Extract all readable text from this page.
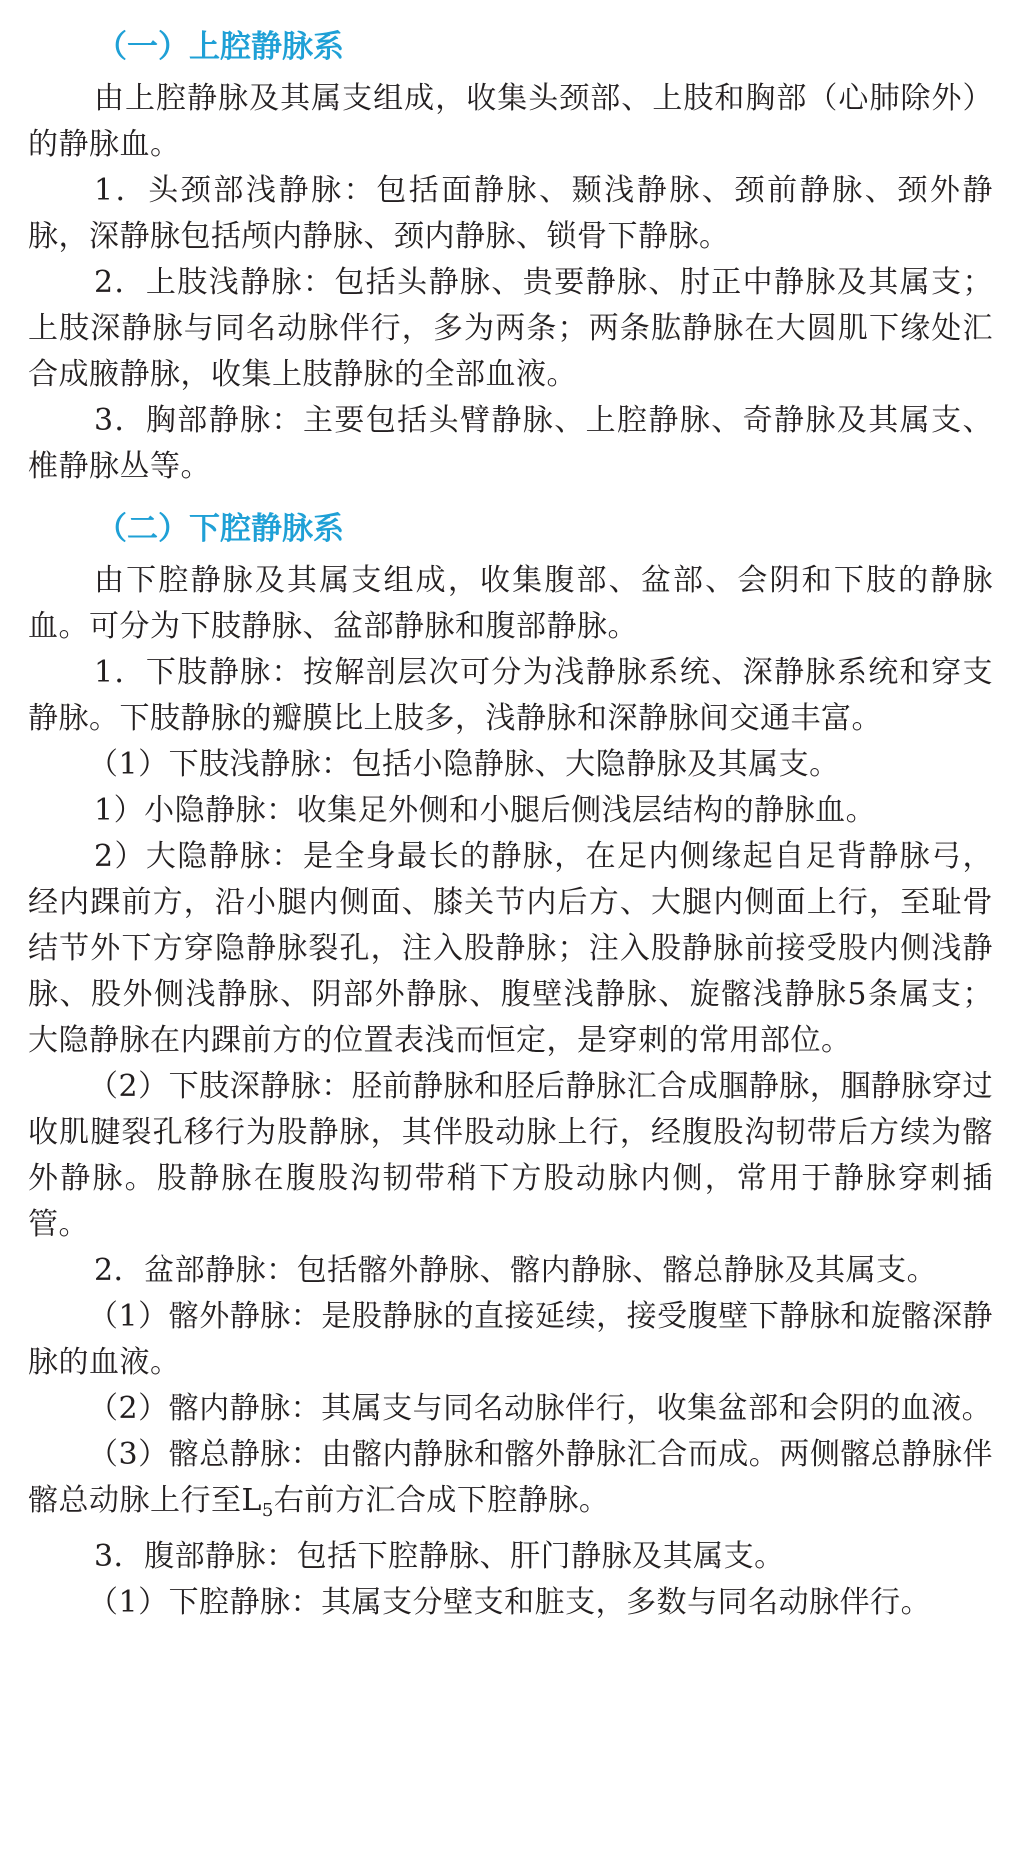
（一）上腔静脉系

由上腔静脉及其属支组成，收集头颈部、上肢和胸部（心肺除外）的静脉血。

1．头颈部浅静脉：包括面静脉、颞浅静脉、颈前静脉、颈外静脉，深静脉包括颅内静脉、颈内静脉、锁骨下静脉。

2．上肢浅静脉：包括头静脉、贵要静脉、肘正中静脉及其属支；上肢深静脉与同名动脉伴行，多为两条；两条肱静脉在大圆肌下缘处汇合成腋静脉，收集上肢静脉的全部血液。

3．胸部静脉：主要包括头臂静脉、上腔静脉、奇静脉及其属支、椎静脉丛等。

（二）下腔静脉系

由下腔静脉及其属支组成，收集腹部、盆部、会阴和下肢的静脉血。可分为下肢静脉、盆部静脉和腹部静脉。

1．下肢静脉：按解剖层次可分为浅静脉系统、深静脉系统和穿支静脉。下肢静脉的瓣膜比上肢多，浅静脉和深静脉间交通丰富。

（1）下肢浅静脉：包括小隐静脉、大隐静脉及其属支。

1）小隐静脉：收集足外侧和小腿后侧浅层结构的静脉血。

2）大隐静脉：是全身最长的静脉，在足内侧缘起自足背静脉弓，经内踝前方，沿小腿内侧面、膝关节内后方、大腿内侧面上行，至耻骨结节外下方穿隐静脉裂孔，注入股静脉；注入股静脉前接受股内侧浅静脉、股外侧浅静脉、阴部外静脉、腹壁浅静脉、旋髂浅静脉5条属支；大隐静脉在内踝前方的位置表浅而恒定，是穿刺的常用部位。

（2）下肢深静脉：胫前静脉和胫后静脉汇合成腘静脉，腘静脉穿过收肌腱裂孔移行为股静脉，其伴股动脉上行，经腹股沟韧带后方续为髂外静脉。股静脉在腹股沟韧带稍下方股动脉内侧，常用于静脉穿刺插管。

2．盆部静脉：包括髂外静脉、髂内静脉、髂总静脉及其属支。

（1）髂外静脉：是股静脉的直接延续，接受腹壁下静脉和旋髂深静脉的血液。

（2）髂内静脉：其属支与同名动脉伴行，收集盆部和会阴的血液。

（3）髂总静脉：由髂内静脉和髂外静脉汇合而成。两侧髂总静脉伴髂总动脉上行至$L_5$右前方汇合成下腔静脉。

3．腹部静脉：包括下腔静脉、肝门静脉及其属支。

（1）下腔静脉：其属支分壁支和脏支，多数与同名动脉伴行。
